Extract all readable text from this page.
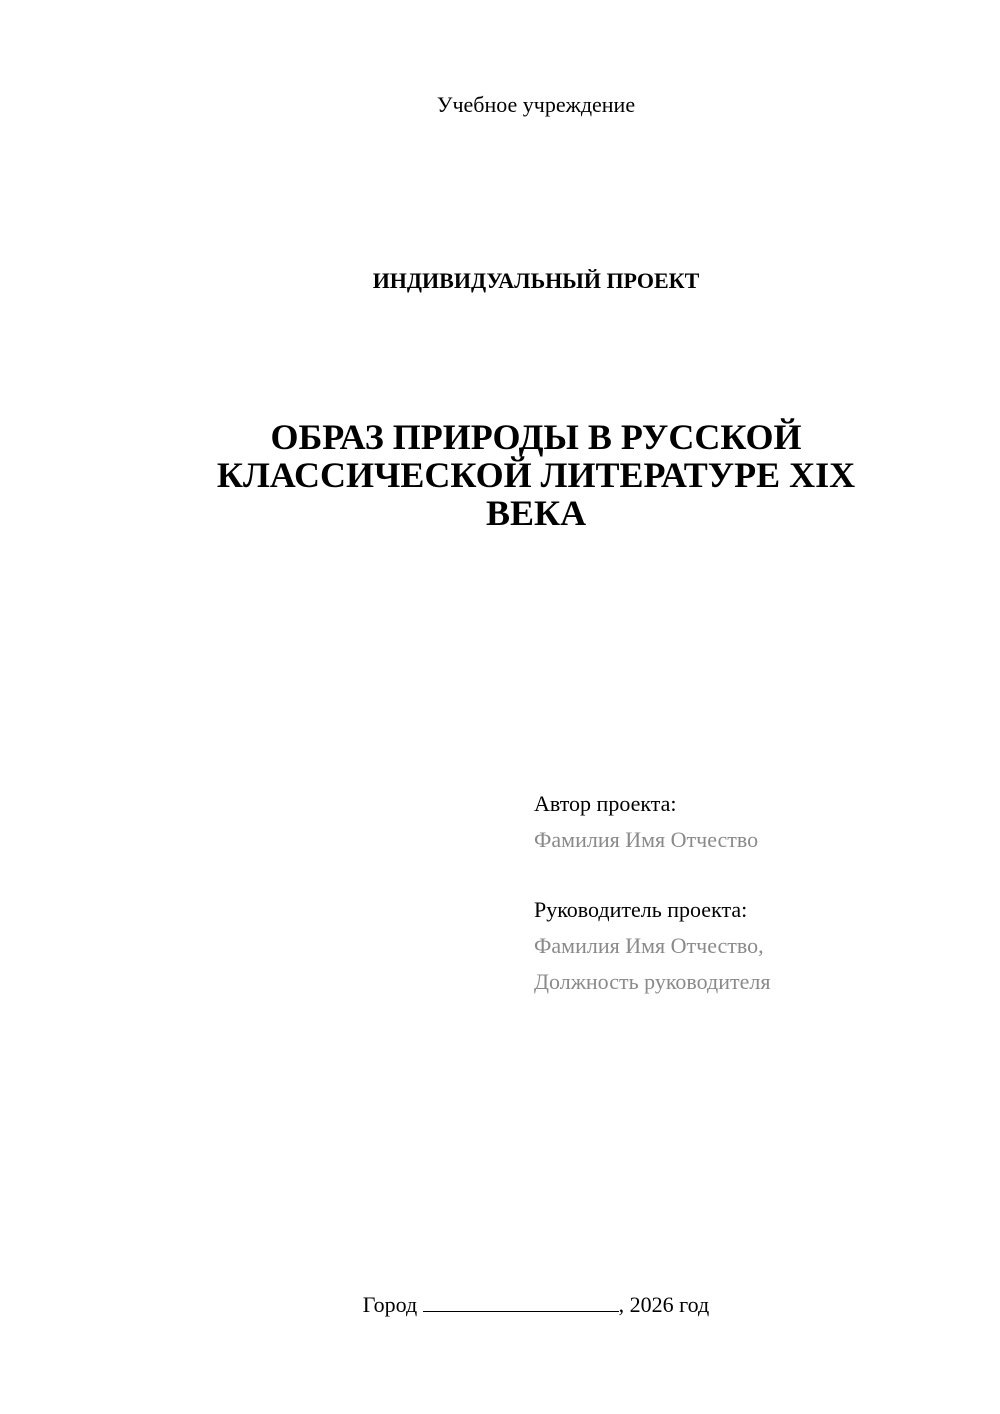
Учебное учреждение
ИНДИВИДУАЛЬНЫЙ ПРОЕКТ
ОБРАЗ ПРИРОДЫ В РУССКОЙ КЛАССИЧЕСКОЙ ЛИТЕРАТУРЕ XIX ВЕКА
Автор проекта:
Фамилия Имя Отчество
Руководитель проекта:
Фамилия Имя Отчество,
Должность руководителя
Город	, 2026 год
